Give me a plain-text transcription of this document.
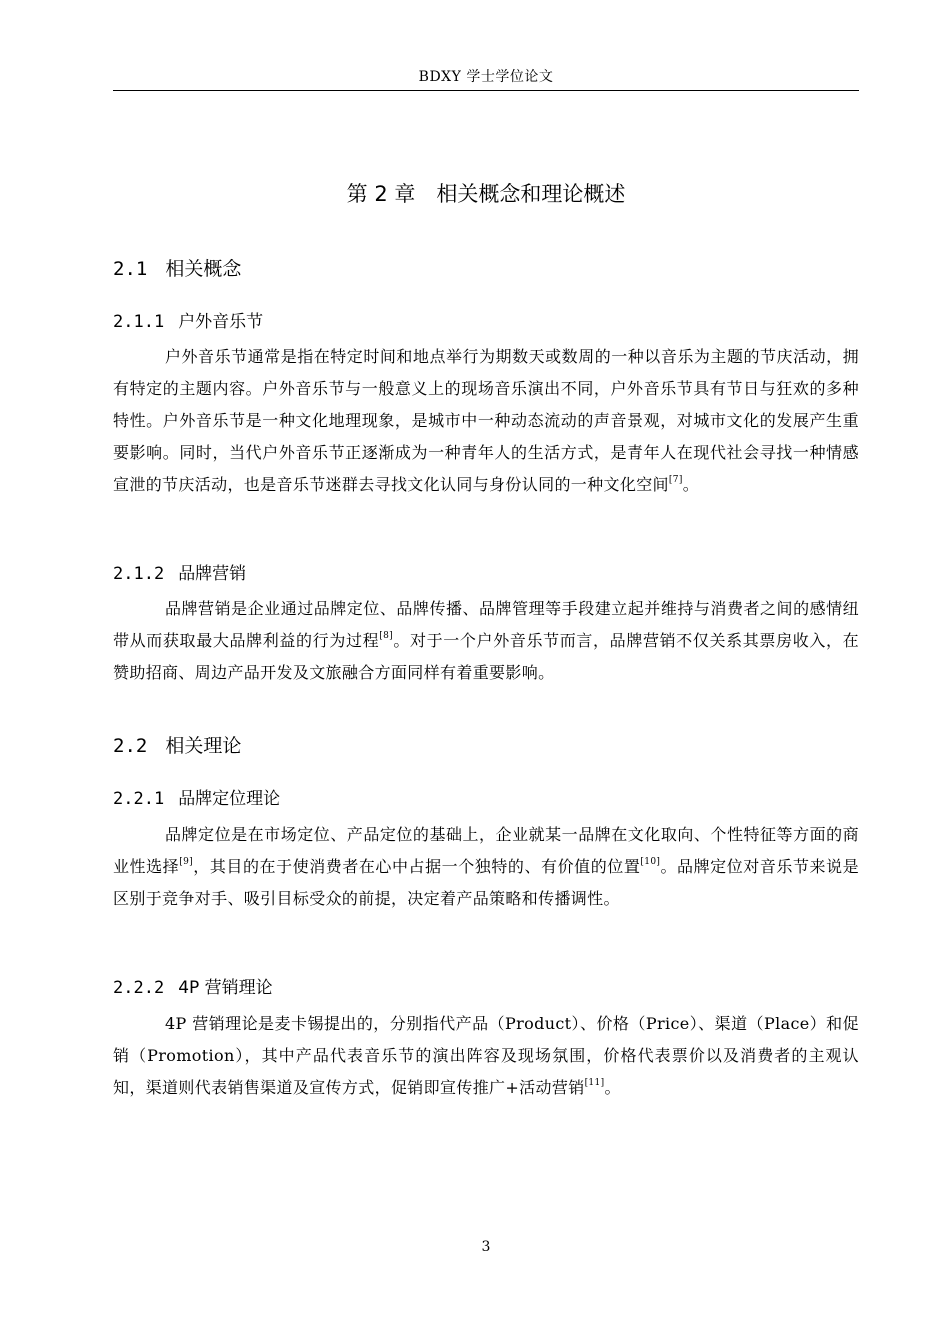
BDXY 学士学位论文
第 2 章　相关概念和理论概述
2.1 相关概念
2.1.1 户外音乐节
户外音乐节通常是指在特定时间和地点举行为期数天或数周的一种以音乐为主题的节庆活动，拥有特定的主题内容。户外音乐节与一般意义上的现场音乐演出不同，户外音乐节具有节日与狂欢的多种特性。户外音乐节是一种文化地理现象，是城市中一种动态流动的声音景观，对城市文化的发展产生重要影响。同时，当代户外音乐节正逐渐成为一种青年人的生活方式，是青年人在现代社会寻找一种情感宣泄的节庆活动，也是音乐节迷群去寻找文化认同与身份认同的一种文化空间[7]。
2.1.2 品牌营销
品牌营销是企业通过品牌定位、品牌传播、品牌管理等手段建立起并维持与消费者之间的感情纽带从而获取最大品牌利益的行为过程[8]。对于一个户外音乐节而言，品牌营销不仅关系其票房收入，在赞助招商、周边产品开发及文旅融合方面同样有着重要影响。
2.2 相关理论
2.2.1 品牌定位理论
品牌定位是在市场定位、产品定位的基础上，企业就某一品牌在文化取向、个性特征等方面的商业性选择[9]，其目的在于使消费者在心中占据一个独特的、有价值的位置[10]。品牌定位对音乐节来说是区别于竞争对手、吸引目标受众的前提，决定着产品策略和传播调性。
2.2.2 4P 营销理论
4P 营销理论是麦卡锡提出的，分别指代产品（Product）、价格（Price）、渠道（Place）和促销（Promotion），其中产品代表音乐节的演出阵容及现场氛围，价格代表票价以及消费者的主观认知，渠道则代表销售渠道及宣传方式，促销即宣传推广+活动营销[11]。
3
